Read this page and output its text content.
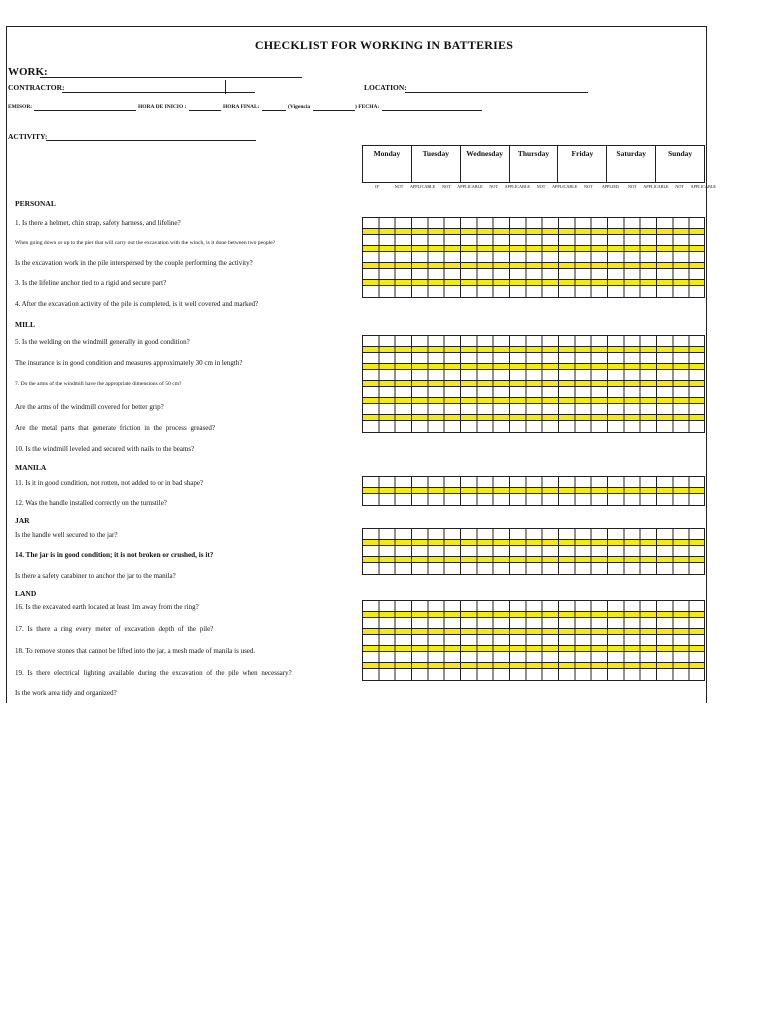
CHECKLIST FOR WORKING IN BATTERIES
WORK:
CONTRACTOR:	LOCATION:
EMISOR:	HORA DE INICIO :	HORA FINAL:	(Vigencia	) FECHA:
ACTIVITY:
Monday	Tuesday	Wednesday	Thursday	Friday	Saturday	Sunday
IF	NOT	APPLICABLE	NOT	APPLICABLE	NOT	APPLICABLE	NOT	APPLICABLE	NOT	APPLIED	NOT	APPLICABLE	NOT	APPLICABLE
PERSONAL
1. Is there a helmet, chin strap, safety harness, and lifeline?
When going down or up to the pier that will carry out the excavation with the winch, is it done between two people?
Is the excavation work in the pile interspersed by the couple performing the activity?
3. Is the lifeline anchor tied to a rigid and secure part?
4. After the excavation activity of the pile is completed, is it well covered and marked?
MILL
5. Is the welding on the windmill generally in good condition?
The insurance is in good condition and measures approximately 30 cm in length?
7. Do the arms of the windmill have the appropriate dimensions of 50 cm?
Are the arms of the windmill covered for better grip?
Are the metal parts that generate friction in the process greased?
10. Is the windmill leveled and secured with nails to the beams?
MANILA
11. Is it in good condition, not rotten, not added to or in bad shape?
12. Was the handle installed correctly on the turnstile?
JAR
Is the handle well secured to the jar?
14. The jar is in good condition; it is not broken or crushed, is it?
Is there a safety carabiner to anchor the jar to the manila?
LAND
16. Is the excavated earth located at least 1m away from the ring?
17. Is there a ring every meter of excavation depth of the pile?
18. To remove stones that cannot be lifted into the jar, a mesh made of manila is used.
19. Is there electrical lighting available during the excavation of the pile when necessary?
Is the work area tidy and organized?
